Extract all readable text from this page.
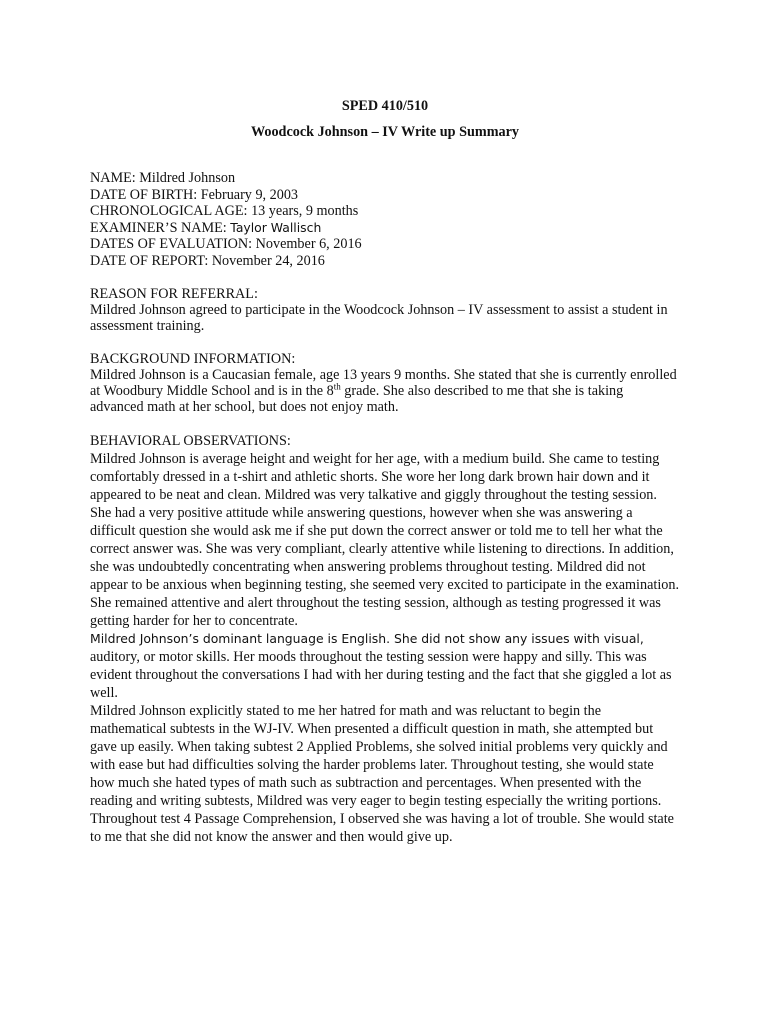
SPED 410/510

Woodcock Johnson – IV Write up Summary

NAME: Mildred Johnson
DATE OF BIRTH: February 9, 2003
CHRONOLOGICAL AGE: 13 years, 9 months
EXAMINER’S NAME: Taylor Wallisch
DATES OF EVALUATION: November 6, 2016
DATE OF REPORT: November 24, 2016

REASON FOR REFERRAL:

Mildred Johnson agreed to participate in the Woodcock Johnson – IV assessment to assist a student in assessment training.

BACKGROUND INFORMATION:

Mildred Johnson is a Caucasian female, age 13 years 9 months. She stated that she is currently enrolled at Woodbury Middle School and is in the 8th grade. She also described to me that she is taking advanced math at her school, but does not enjoy math.

BEHAVIORAL OBSERVATIONS:

Mildred Johnson is average height and weight for her age, with a medium build. She came to testing comfortably dressed in a t-shirt and athletic shorts. She wore her long dark brown hair down and it appeared to be neat and clean. Mildred was very talkative and giggly throughout the testing session. She had a very positive attitude while answering questions, however when she was answering a difficult question she would ask me if she put down the correct answer or told me to tell her what the correct answer was. She was very compliant, clearly attentive while listening to directions. In addition, she was undoubtedly concentrating when answering problems throughout testing. Mildred did not appear to be anxious when beginning testing, she seemed very excited to participate in the examination. She remained attentive and alert throughout the testing session, although as testing progressed it was getting harder for her to concentrate.

Mildred Johnson’s dominant language is English. She did not show any issues with visual, auditory, or motor skills. Her moods throughout the testing session were happy and silly. This was evident throughout the conversations I had with her during testing and the fact that she giggled a lot as well.

Mildred Johnson explicitly stated to me her hatred for math and was reluctant to begin the mathematical subtests in the WJ-IV. When presented a difficult question in math, she attempted but gave up easily. When taking subtest 2 Applied Problems, she solved initial problems very quickly and with ease but had difficulties solving the harder problems later. Throughout testing, she would state how much she hated types of math such as subtraction and percentages. When presented with the reading and writing subtests, Mildred was very eager to begin testing especially the writing portions. Throughout test 4 Passage Comprehension, I observed she was having a lot of trouble. She would state to me that she did not know the answer and then would give up.
